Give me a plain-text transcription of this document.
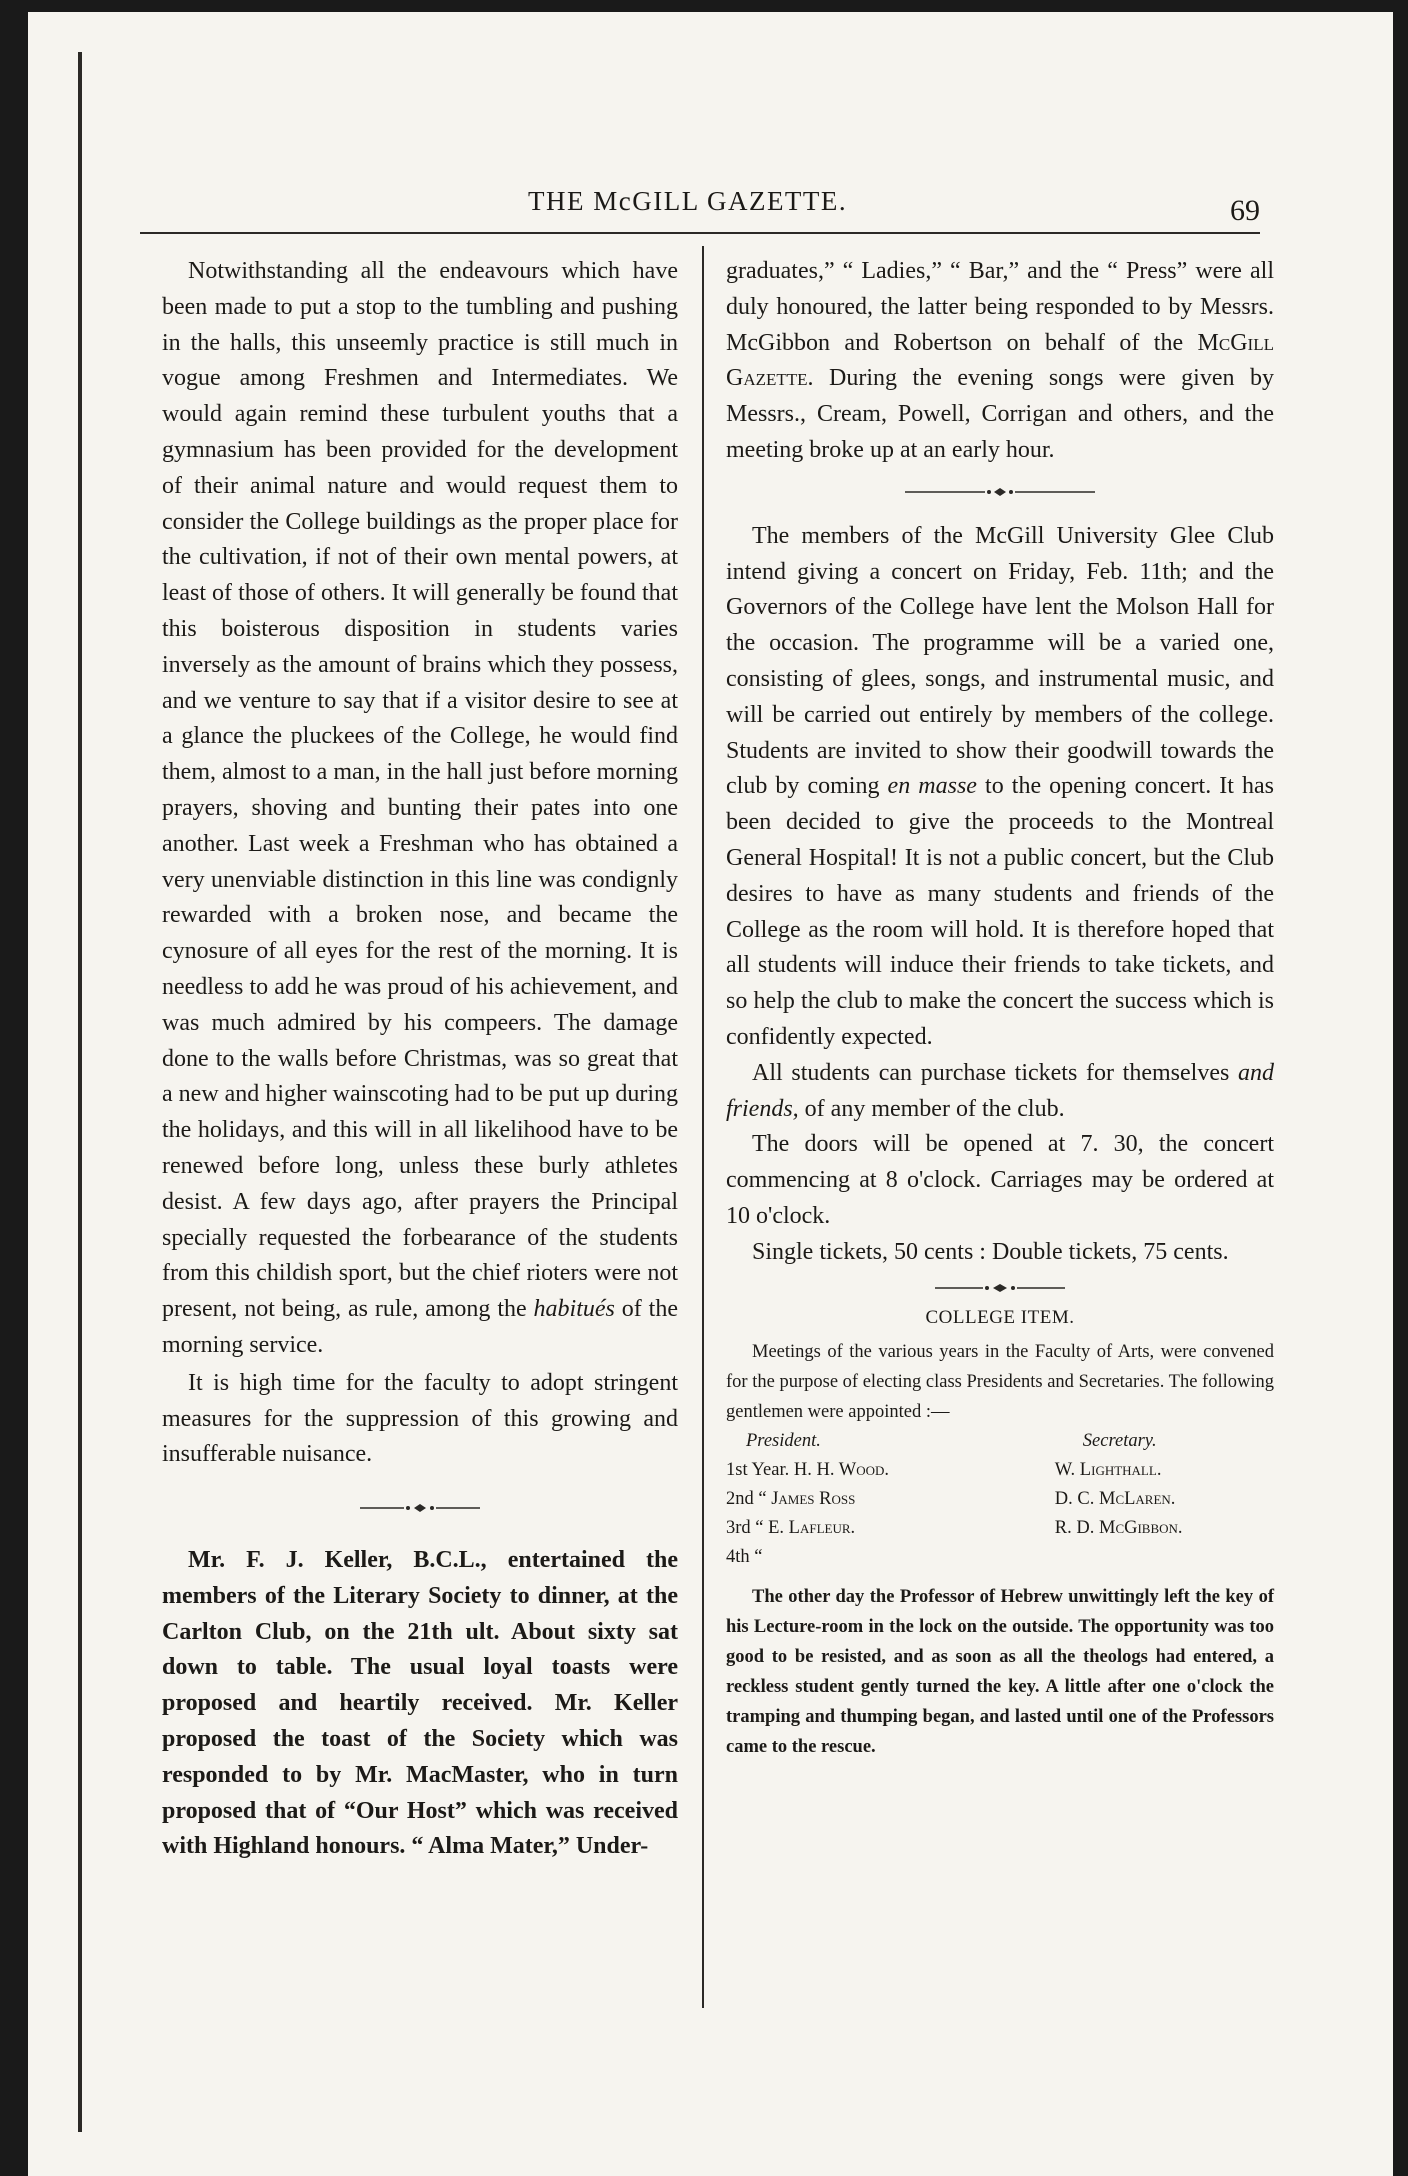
THE McGILL GAZETTE.	69

Notwithstanding all the endeavours which have been made to put a stop to the tumbling and pushing in the halls, this unseemly practice is still much in vogue among Freshmen and Intermediates. We would again remind these turbulent youths that a gymnasium has been provided for the development of their animal nature and would request them to consider the College buildings as the proper place for the cultivation, if not of their own mental powers, at least of those of others. It will generally be found that this boisterous disposition in students varies inversely as the amount of brains which they possess, and we venture to say that if a visitor desire to see at a glance the pluckees of the College, he would find them, almost to a man, in the hall just before morning prayers, shoving and bunting their pates into one another. Last week a Freshman who has obtained a very unenviable distinction in this line was condignly rewarded with a broken nose, and became the cynosure of all eyes for the rest of the morning. It is needless to add he was proud of his achievement, and was much admired by his compeers. The damage done to the walls before Christmas, was so great that a new and higher wainscoting had to be put up during the holidays, and this will in all likelihood have to be renewed before long, unless these burly athletes desist. A few days ago, after prayers the Principal specially requested the forbearance of the students from this childish sport, but the chief rioters were not present, not being, as rule, among the habitués of the morning service.

It is high time for the faculty to adopt stringent measures for the suppression of this growing and insufferable nuisance.

Mr. F. J. Keller, B.C.L., entertained the members of the Literary Society to dinner, at the Carlton Club, on the 21th ult. About sixty sat down to table. The usual loyal toasts were proposed and heartily received. Mr. Keller proposed the toast of the Society which was responded to by Mr. MacMaster, who in turn proposed that of “Our Host” which was received with Highland honours. “ Alma Mater,” Under-

graduates,” “ Ladies,” “ Bar,” and the “ Press” were all duly honoured, the latter being responded to by Messrs. McGibbon and Robertson on behalf of the McGill Gazette. During the evening songs were given by Messrs., Cream, Powell, Corrigan and others, and the meeting broke up at an early hour.

The members of the McGill University Glee Club intend giving a concert on Friday, Feb. 11th; and the Governors of the College have lent the Molson Hall for the occasion. The programme will be a varied one, consisting of glees, songs, and instrumental music, and will be carried out entirely by members of the college. Students are invited to show their goodwill towards the club by coming en masse to the opening concert. It has been decided to give the proceeds to the Montreal General Hospital! It is not a public concert, but the Club desires to have as many students and friends of the College as the room will hold. It is therefore hoped that all students will induce their friends to take tickets, and so help the club to make the concert the success which is confidently expected.

All students can purchase tickets for themselves and friends, of any member of the club.

The doors will be opened at 7. 30, the concert commencing at 8 o'clock. Carriages may be ordered at 10 o'clock.

Single tickets, 50 cents : Double tickets, 75 cents.

COLLEGE ITEM.

Meetings of the various years in the Faculty of Arts, were convened for the purpose of electing class Presidents and Secretaries. The following gentlemen were appointed :—

President.	Secretary.
1st Year. H. H. Wood.	W. Lighthall.
2nd “ James Ross	D. C. McLaren.
3rd “ E. Lafleur.	R. D. McGibbon.
4th “	

The other day the Professor of Hebrew unwittingly left the key of his Lecture-room in the lock on the outside. The opportunity was too good to be resisted, and as soon as all the theologs had entered, a reckless student gently turned the key. A little after one o'clock the tramping and thumping began, and lasted until one of the Professors came to the rescue.
